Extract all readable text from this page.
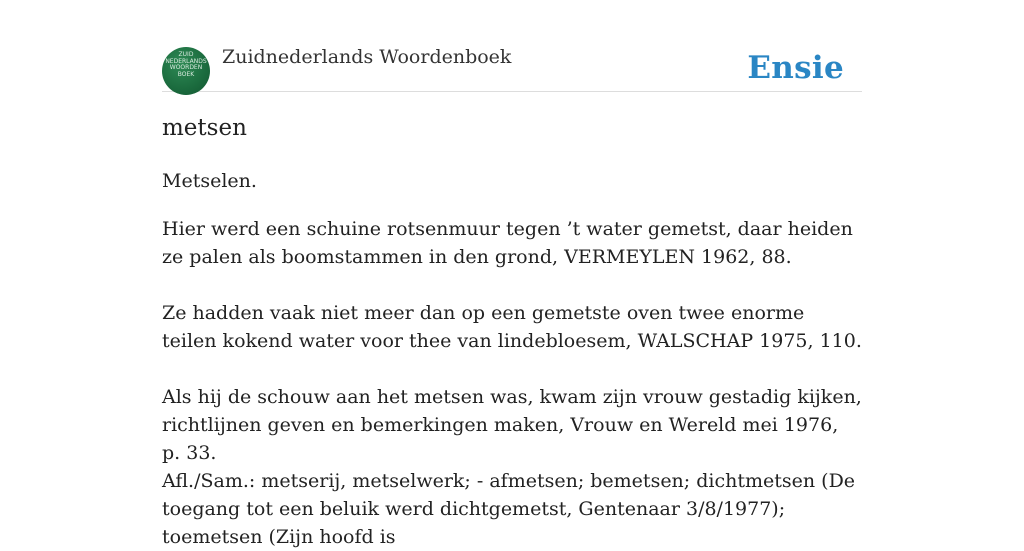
ZUID
NEDERLANDS
WOORDEN
BOEK
Zuidnederlands Woordenboek	Ensie
metsen
Metselen.

Hier werd een schuine rotsenmuur tegen ’t water gemetst, daar heiden ze palen als boomstammen in den grond, VERMEYLEN 1962, 88.

Ze hadden vaak niet meer dan op een gemetste oven twee enorme teilen kokend water voor thee van lindebloesem, WALSCHAP 1975, 110.

Als hij de schouw aan het metsen was, kwam zijn vrouw gestadig kijken, richtlijnen geven en bemerkingen maken, Vrouw en Wereld mei 1976, p. 33.

Afl./Sam.: metserij, metselwerk; - afmetsen; bemetsen; dichtmetsen (De toegang tot een beluik werd dichtgemetst, Gentenaar 3/8/1977); toemetsen (Zijn hoofd is
